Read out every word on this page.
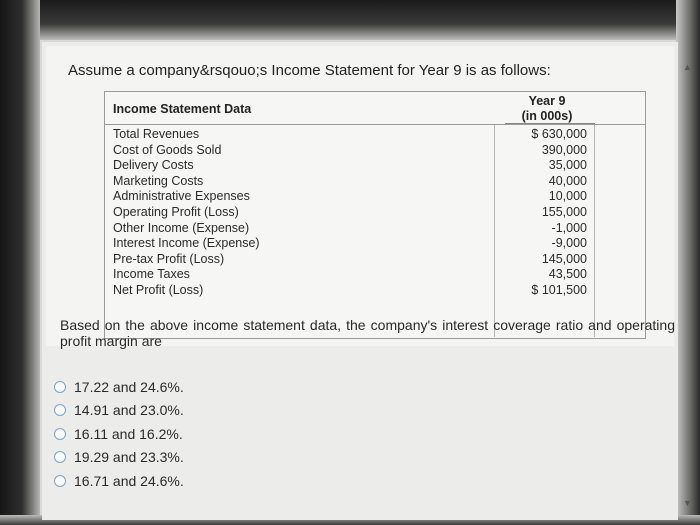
Assume a company&rsqouo;s Income Statement for Year 9 is as follows:
Income Statement Data
Year 9
(in 000s)
Total Revenues
Cost of Goods Sold
Delivery Costs
Marketing Costs
Administrative Expenses
Operating Profit (Loss)
Other Income (Expense)
Interest Income (Expense)
Pre-tax Profit (Loss)
Income Taxes
Net Profit (Loss)
$ 630,000
390,000
35,000
40,000
10,000
155,000
-1,000
-9,000
145,000
43,500
$ 101,500
Based on the above income statement data, the company's interest coverage ratio and operating profit margin are
17.22 and 24.6%.
14.91 and 23.0%.
16.11 and 16.2%.
19.29 and 23.3%.
16.71 and 24.6%.
▲
▼
